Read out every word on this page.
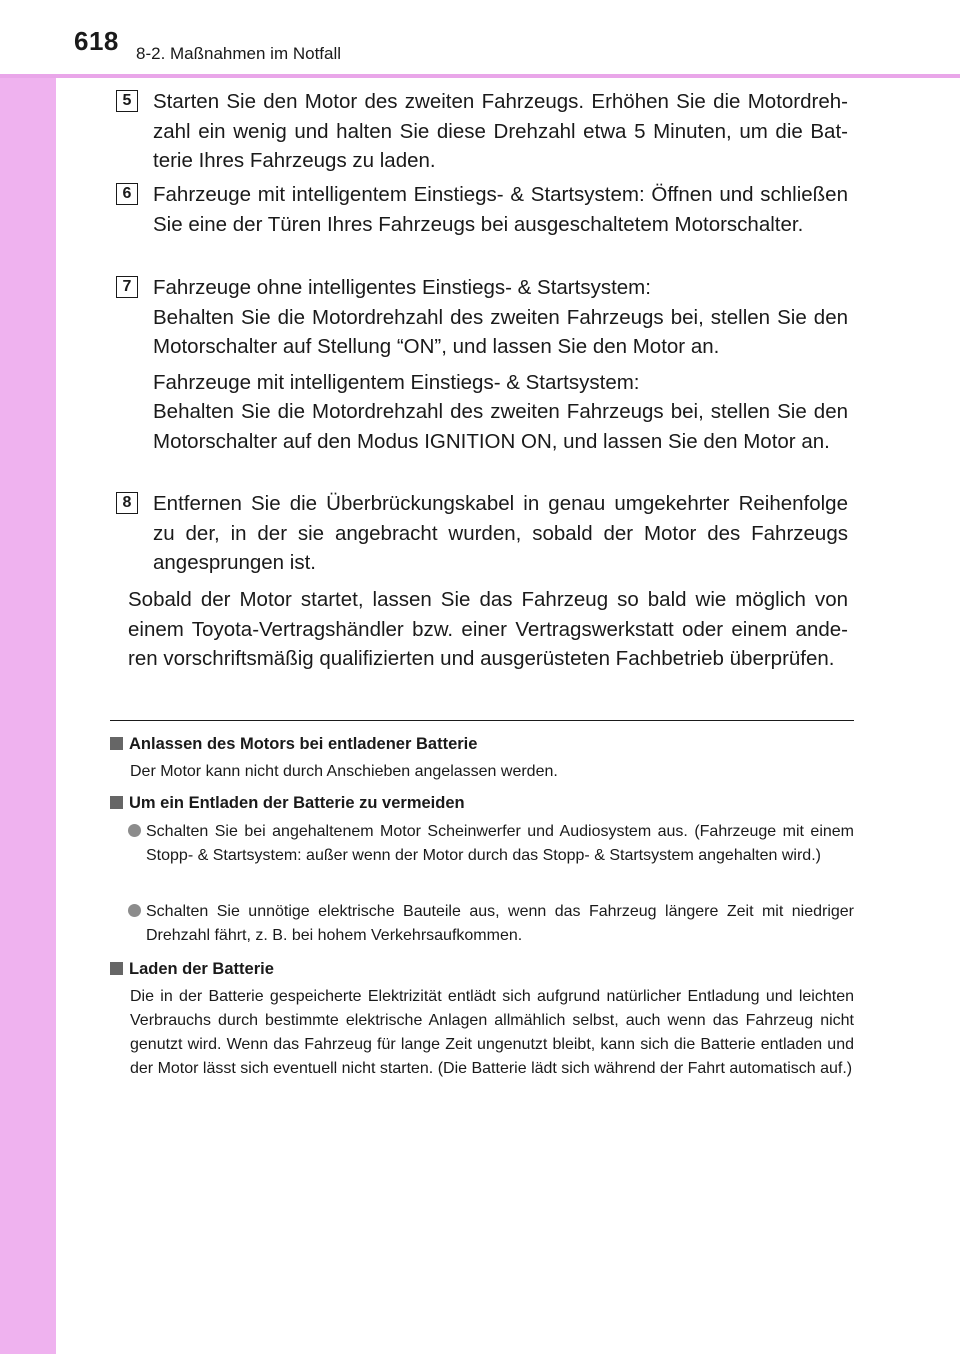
618 8-2. Maßnahmen im Notfall
5	Starten Sie den Motor des zweiten Fahrzeugs. Erhöhen Sie die Motordrehzahl ein wenig und halten Sie diese Drehzahl etwa 5 Minuten, um die Batterie Ihres Fahrzeugs zu laden.

6	Fahrzeuge mit intelligentem Einstiegs- & Startsystem: Öffnen und schließen Sie eine der Türen Ihres Fahrzeugs bei ausgeschaltetem Motorschalter.

7	Fahrzeuge ohne intelligentes Einstiegs- & Startsystem:

Behalten Sie die Motordrehzahl des zweiten Fahrzeugs bei, stellen Sie den Motorschalter auf Stellung “ON”, und lassen Sie den Motor an.

Fahrzeuge mit intelligentem Einstiegs- & Startsystem:

Behalten Sie die Motordrehzahl des zweiten Fahrzeugs bei, stellen Sie den Motorschalter auf den Modus IGNITION ON, und lassen Sie den Motor an.

8	Entfernen Sie die Überbrückungskabel in genau umgekehrter Reihenfolge zu der, in der sie angebracht wurden, sobald der Motor des Fahrzeugs angesprungen ist.

Sobald der Motor startet, lassen Sie das Fahrzeug so bald wie möglich von einem Toyota-Vertragshändler bzw. einer Vertragswerkstatt oder einem anderen vorschriftsmäßig qualifizierten und ausgerüsteten Fachbetrieb überprüfen.
Anlassen des Motors bei entladener Batterie
Der Motor kann nicht durch Anschieben angelassen werden.
Um ein Entladen der Batterie zu vermeiden
Schalten Sie bei angehaltenem Motor Scheinwerfer und Audiosystem aus. (Fahrzeuge mit einem Stopp- & Startsystem: außer wenn der Motor durch das Stopp- & Startsystem angehalten wird.)
Schalten Sie unnötige elektrische Bauteile aus, wenn das Fahrzeug längere Zeit mit niedriger Drehzahl fährt, z. B. bei hohem Verkehrsaufkommen.
Laden der Batterie
Die in der Batterie gespeicherte Elektrizität entlädt sich aufgrund natürlicher Entladung und leichten Verbrauchs durch bestimmte elektrische Anlagen allmählich selbst, auch wenn das Fahrzeug nicht genutzt wird. Wenn das Fahrzeug für lange Zeit ungenutzt bleibt, kann sich die Batterie entladen und der Motor lässt sich eventuell nicht starten. (Die Batterie lädt sich während der Fahrt automatisch auf.)
